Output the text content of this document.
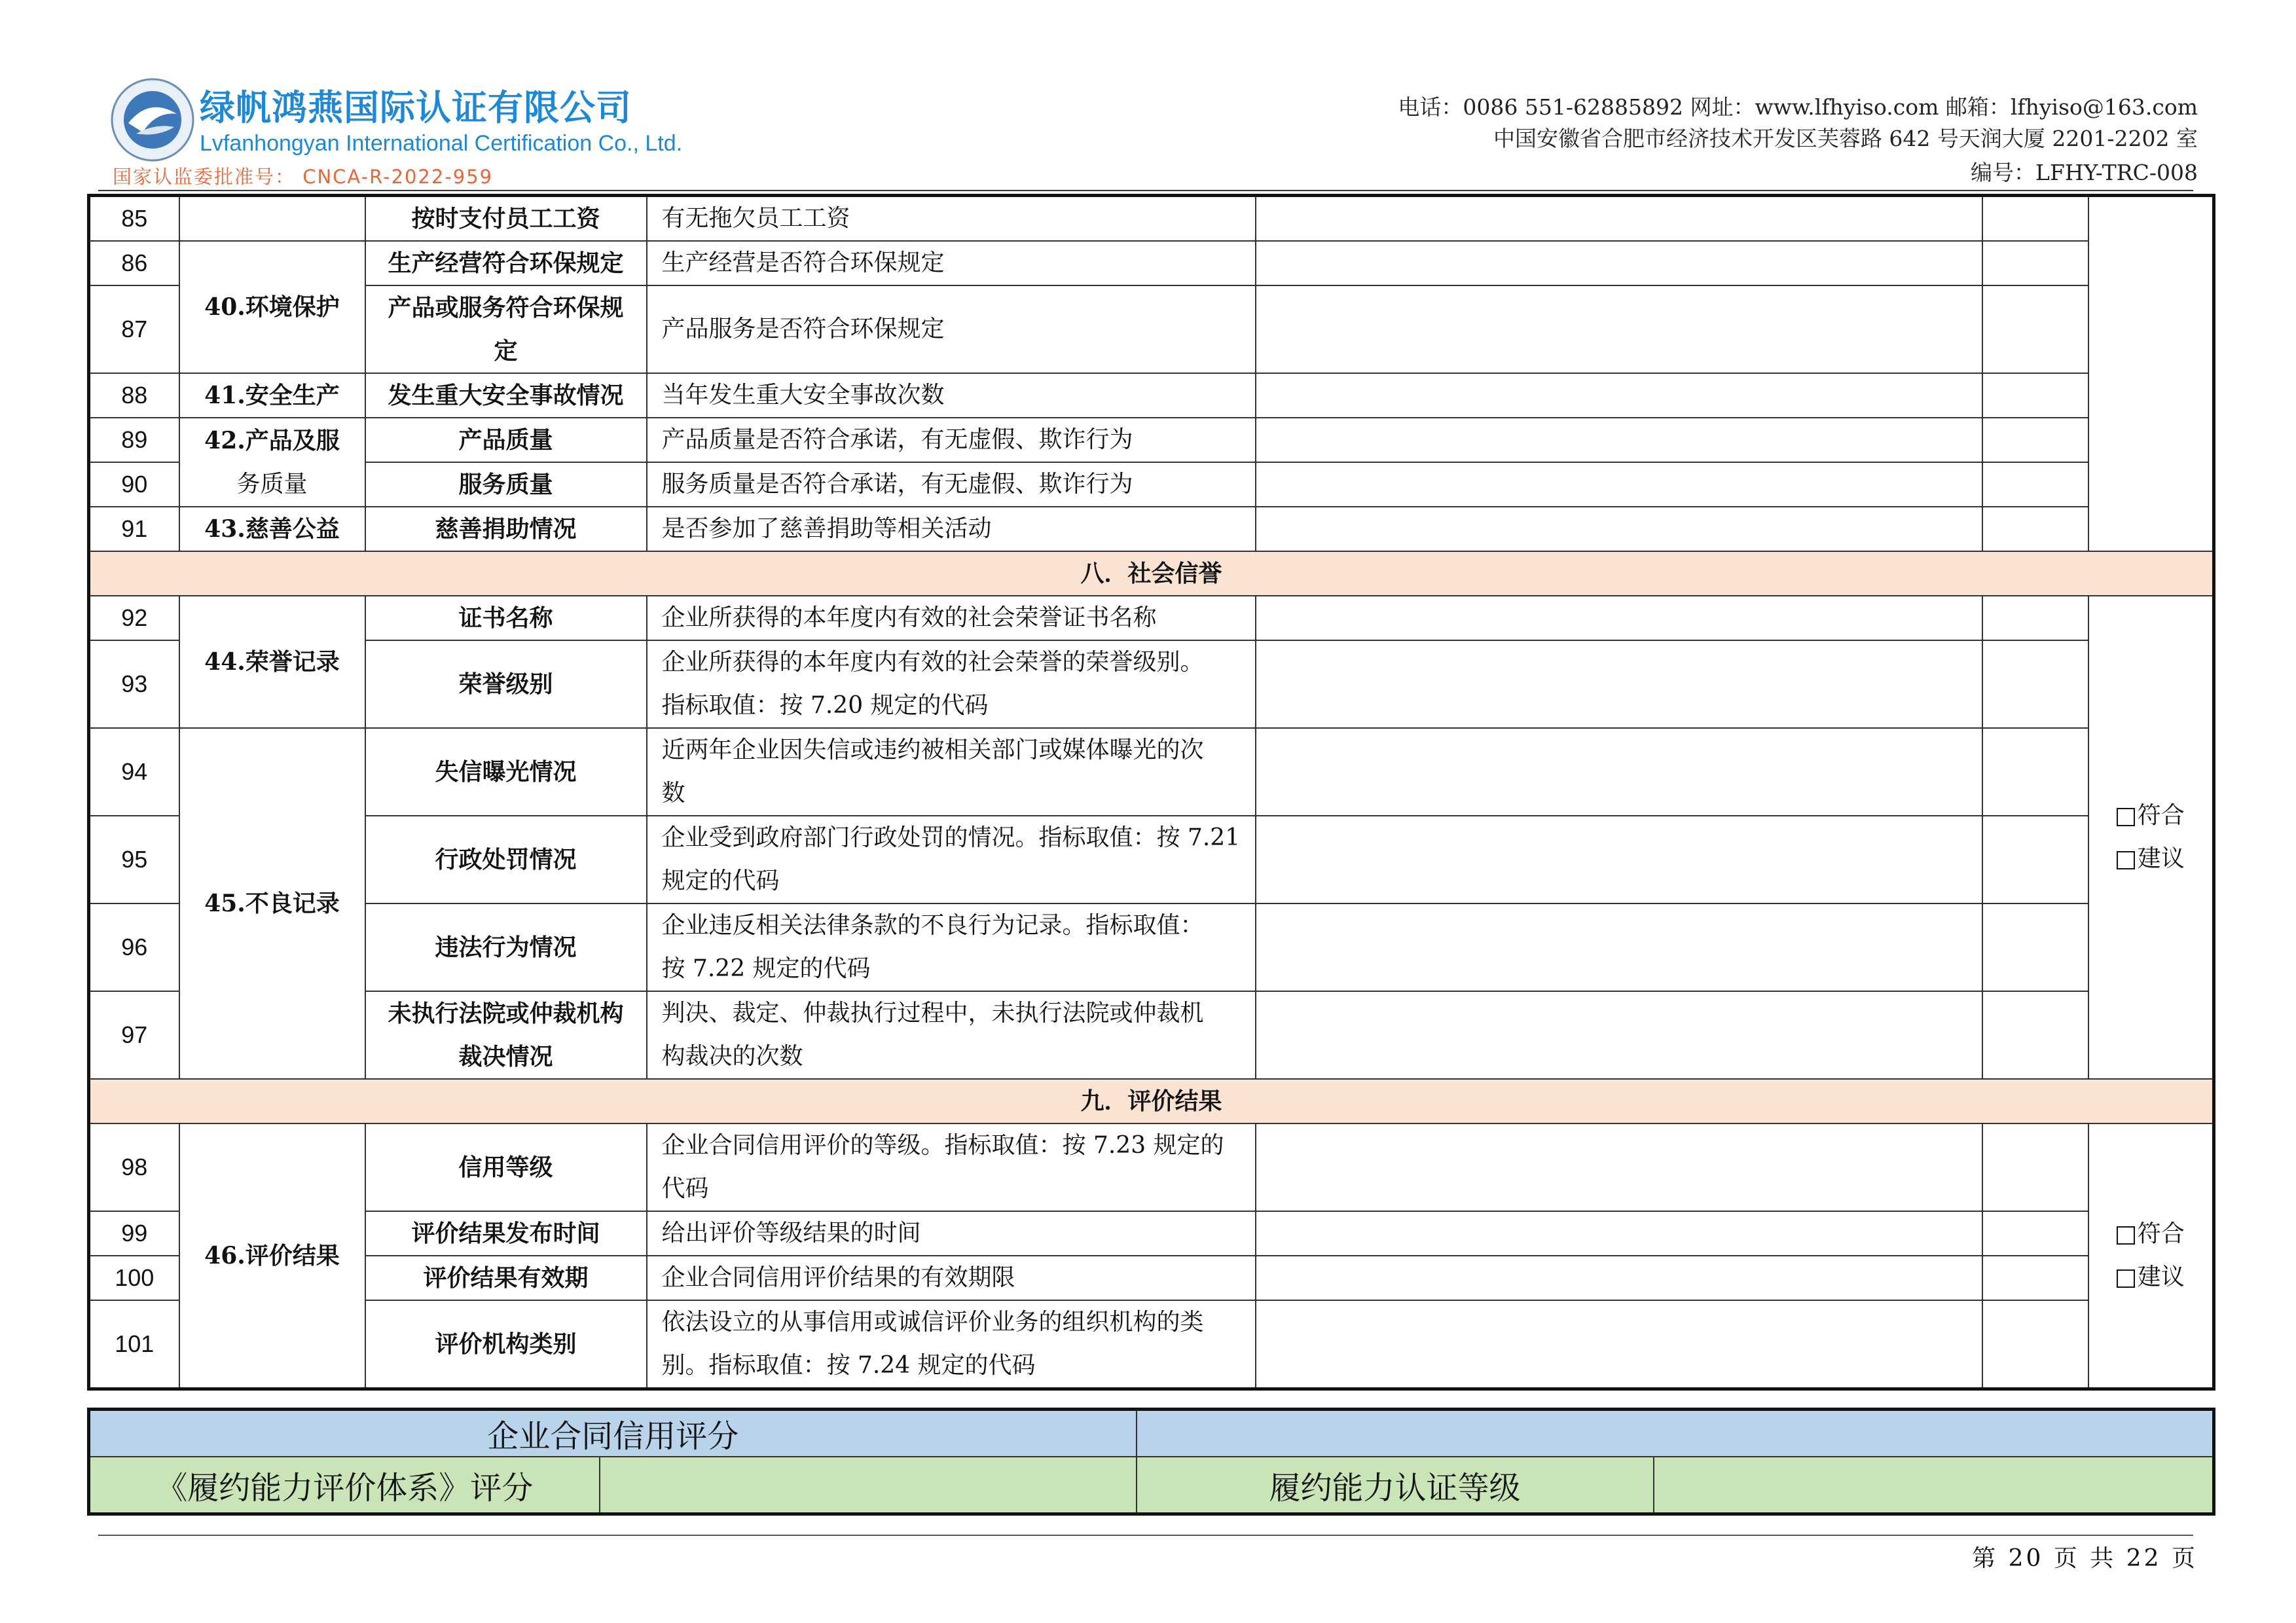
绿帆鸿燕国际认证有限公司
Lvfanhongyan International Certification Co., Ltd.
国家认监委批准号： CNCA-R-2022-959
电话：0086 551-62885892 网址：www.lfhyiso.com 邮箱：lfhyiso@163.com
中国安徽省合肥市经济技术开发区芙蓉路 642 号天润大厦 2201-2202 室
编号：LFHY-TRC-008
85		按时支付员工工资	有无拖欠员工工资			
86	40.环境保护	生产经营符合环保规定	生产经营是否符合环保规定			
87		产品或服务符合环保规
定	产品服务是否符合环保规定			
88	41.安全生产	发生重大安全事故情况	当年发生重大安全事故次数			
89	42.产品及服
务质量	产品质量	产品质量是否符合承诺，有无虚假、欺诈行为			
90		服务质量	服务质量是否符合承诺，有无虚假、欺诈行为			
91	43.慈善公益	慈善捐助情况	是否参加了慈善捐助等相关活动			
八．社会信誉						
92	44.荣誉记录	证书名称	企业所获得的本年度内有效的社会荣誉证书名称			符合
建议

93		荣誉级别	企业所获得的本年度内有效的社会荣誉的荣誉级别。
指标取值：按 7.20 规定的代码			
94	45.不良记录	失信曝光情况	近两年企业因失信或违约被相关部门或媒体曝光的次
数			
95		行政处罚情况	企业受到政府部门行政处罚的情况。指标取值：按 7.21
规定的代码			
96		违法行为情况	企业违反相关法律条款的不良行为记录。指标取值：
按 7.22 规定的代码			
97		未执行法院或仲裁机构
裁决情况	判决、裁定、仲裁执行过程中，未执行法院或仲裁机
构裁决的次数			
九．评价结果						
98	46.评价结果	信用等级	企业合同信用评价的等级。指标取值：按 7.23 规定的
代码			符合
建议

99		评价结果发布时间	给出评价等级结果的时间			
100		评价结果有效期	企业合同信用评价结果的有效期限			
101		评价机构类别	依法设立的从事信用或诚信评价业务的组织机构的类
别。指标取值：按 7.24 规定的代码			
企业合同信用评分			
《履约能力评价体系》评分		履约能力认证等级	
第 20 页 共 22 页
